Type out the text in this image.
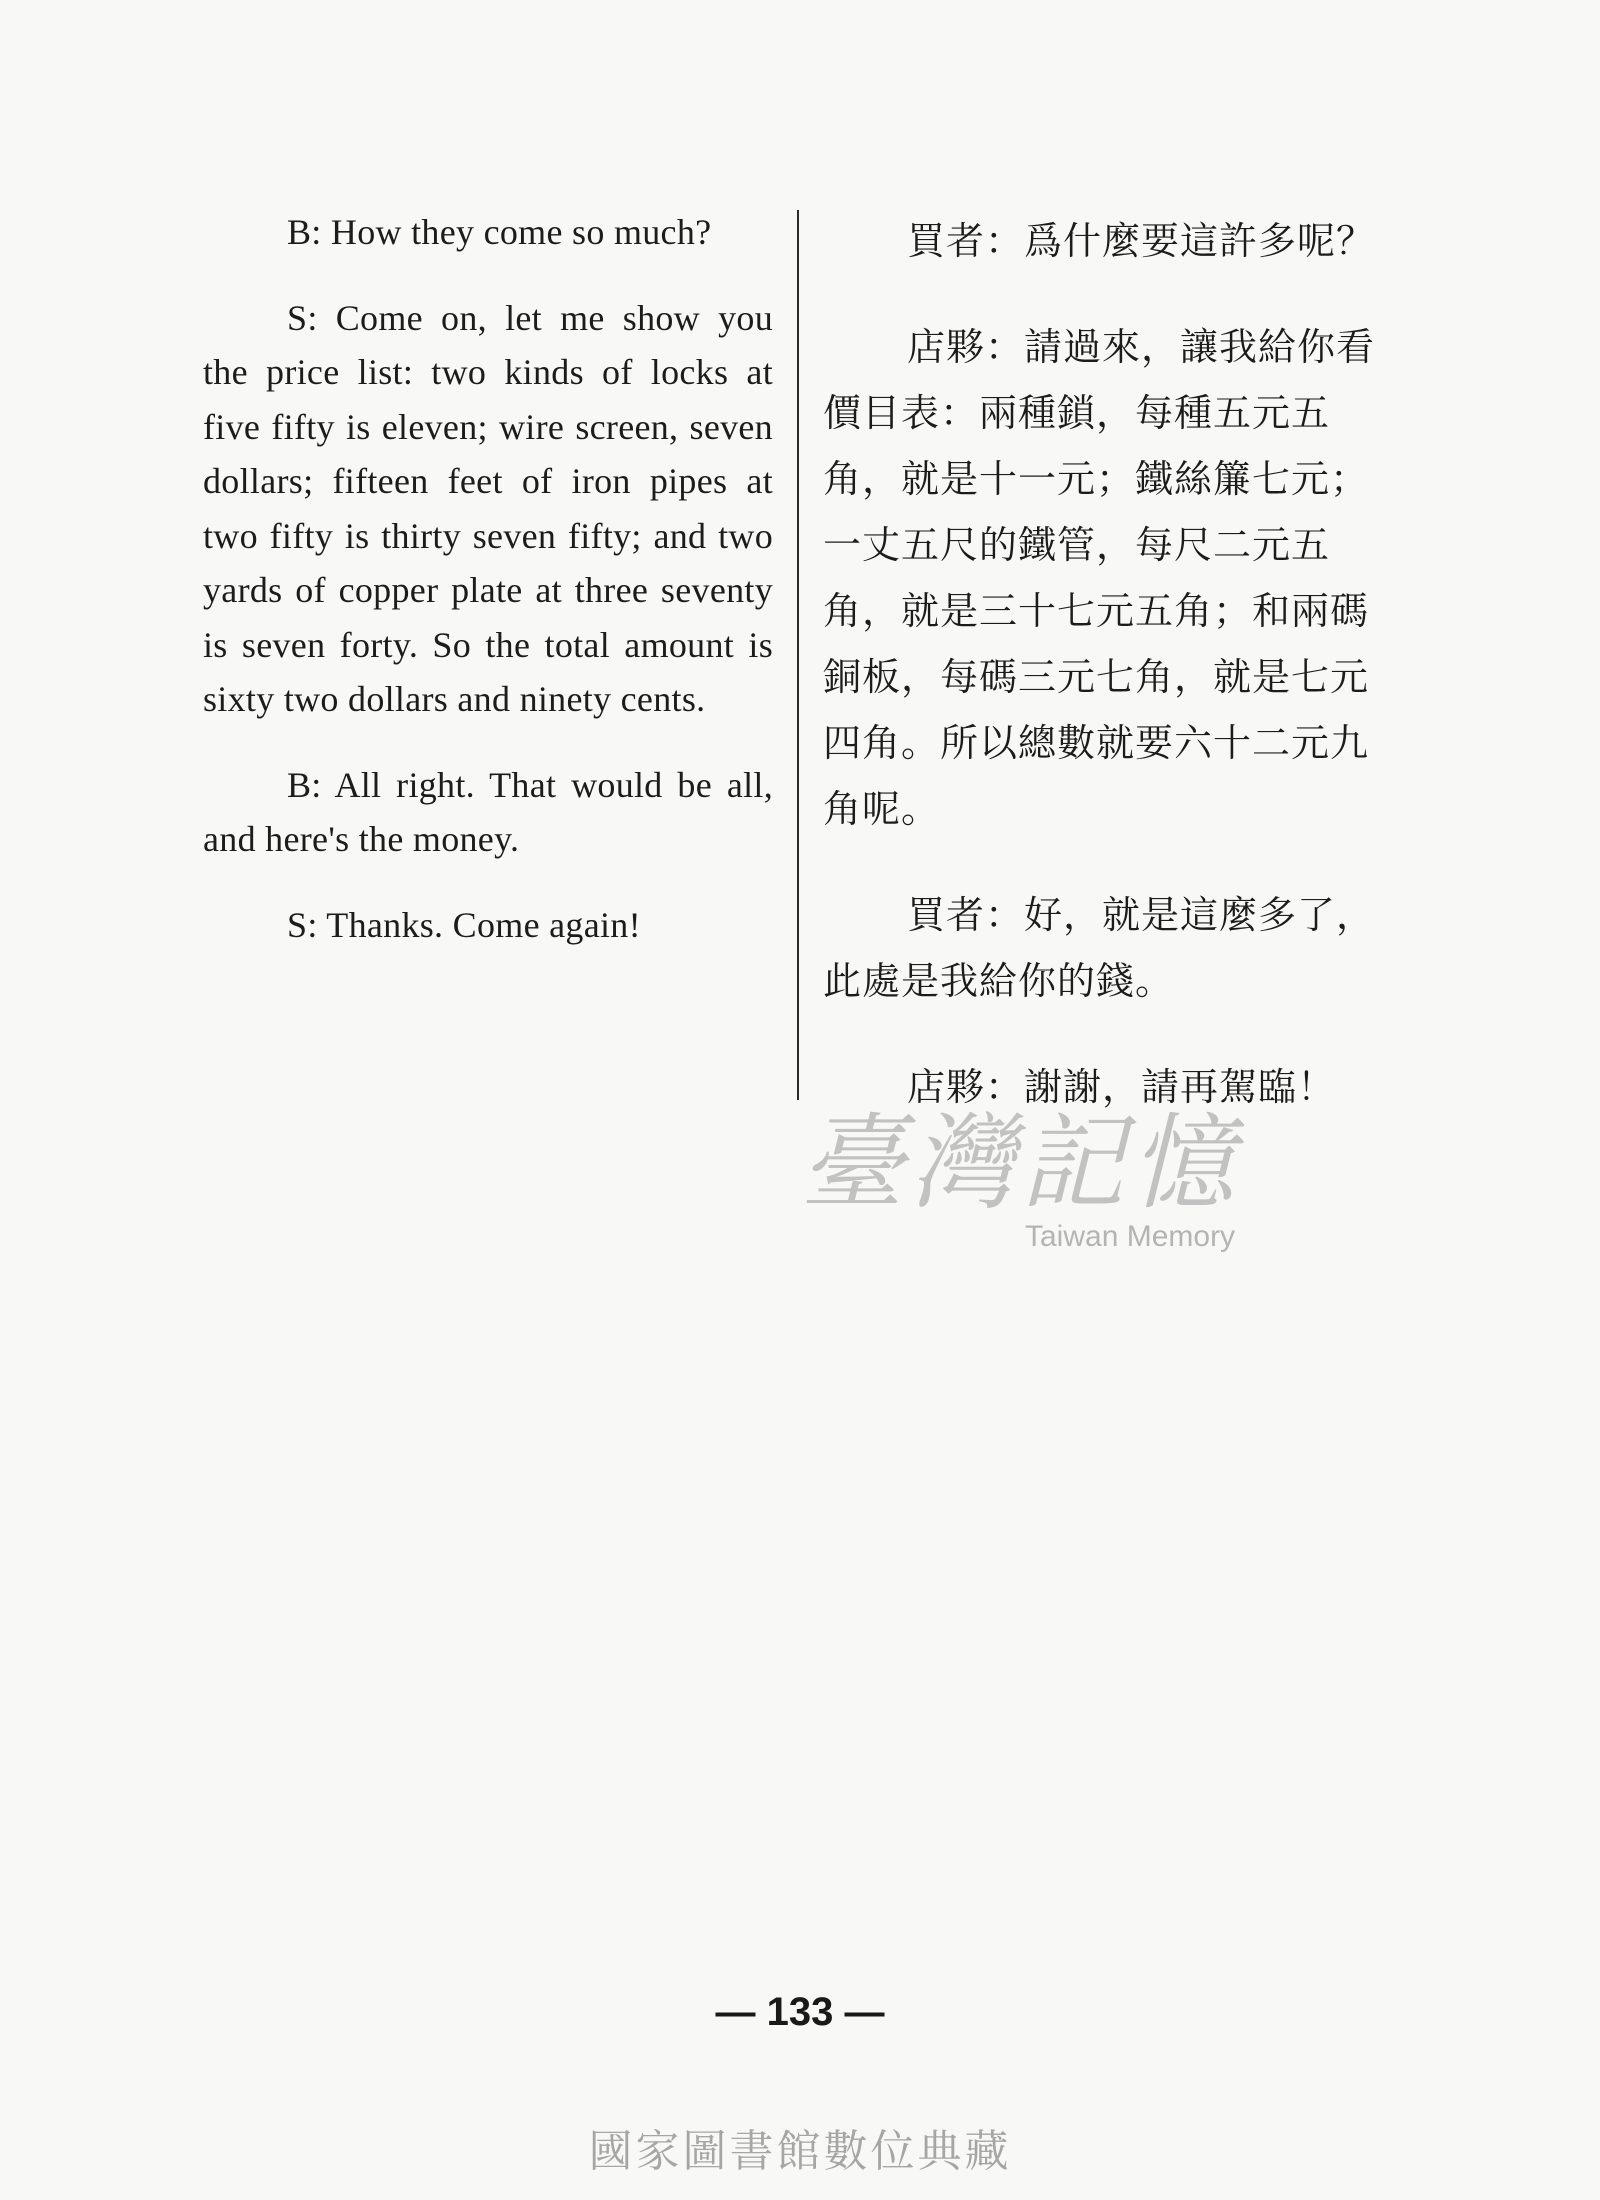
B: How they come so much?

S: Come on, let me show you the price list: two kinds of locks at five fifty is eleven; wire screen, seven dollars; fifteen feet of iron pipes at two fifty is thirty seven fifty; and two yards of copper plate at three seventy is seven forty. So the total amount is sixty two dollars and ninety cents.

B: All right. That would be all, and here's the money.

S: Thanks. Come again!

買者：爲什麼要這許多呢？

店夥：請過來，讓我給你看價目表：兩種鎖，每種五元五角，就是十一元；鐵絲簾七元；一丈五尺的鐵管，每尺二元五角，就是三十七元五角；和兩碼銅板，每碼三元七角，就是七元四角。所以總數就要六十二元九角呢。

買者：好，就是這麼多了，此處是我給你的錢。

店夥：謝謝，請再駕臨！

臺灣記憶
Taiwan Memory
— 133 —
國家圖書館數位典藏
